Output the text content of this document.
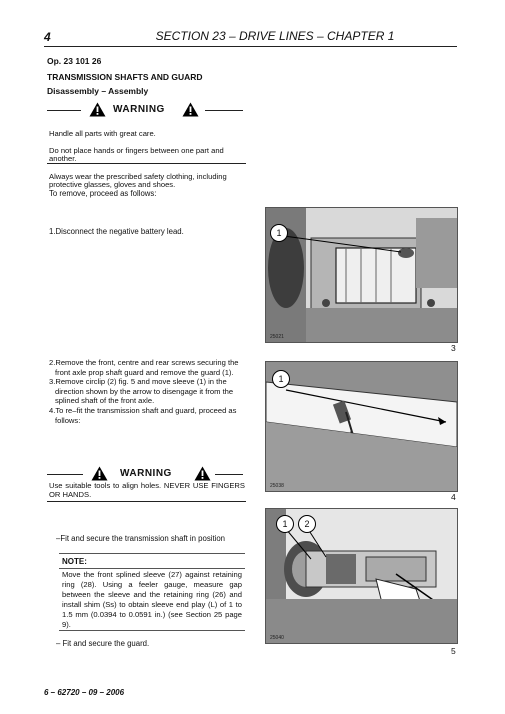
4	SECTION 23 – DRIVE LINES – CHAPTER 1
Op. 23 101 26
TRANSMISSION SHAFTS AND GUARD
Disassembly – Assembly
WARNING

Handle all parts with great care.

Do not place hands or fingers between one part and another.

Always wear the prescribed safety clothing, including protective glasses, gloves and shoes.

To remove, proceed as follows:
1.Disconnect the negative battery lead.	1
25021
3

2.Remove the front, centre and rear screws securing the front axle prop shaft guard and remove the guard (1).

3.Remove circlip (2) fig. 5 and move sleeve (1) in the direction shown by the arrow to disengage it from the splined shaft of the front axle.

4.To re–fit the transmission shaft and guard, proceed as follows:

1
25038
4
WARNING
Use suitable tools to align holes. NEVER USE FINGERS OR HANDS.
–Fit and secure the transmission shaft in position
NOTE:
Move the front splined sleeve (27) against retaining ring (28). Using a feeler gauge, measure gap between the sleeve and the retaining ring (26) and install shim (Ss) to obtain sleeve end play (L) of 1 to 1.5 mm (0.0394 to 0.0591 in.) (see Section 25 page 9).
– Fit and secure the guard.
1	2
25040
5
6 – 62720 – 09 – 2006
